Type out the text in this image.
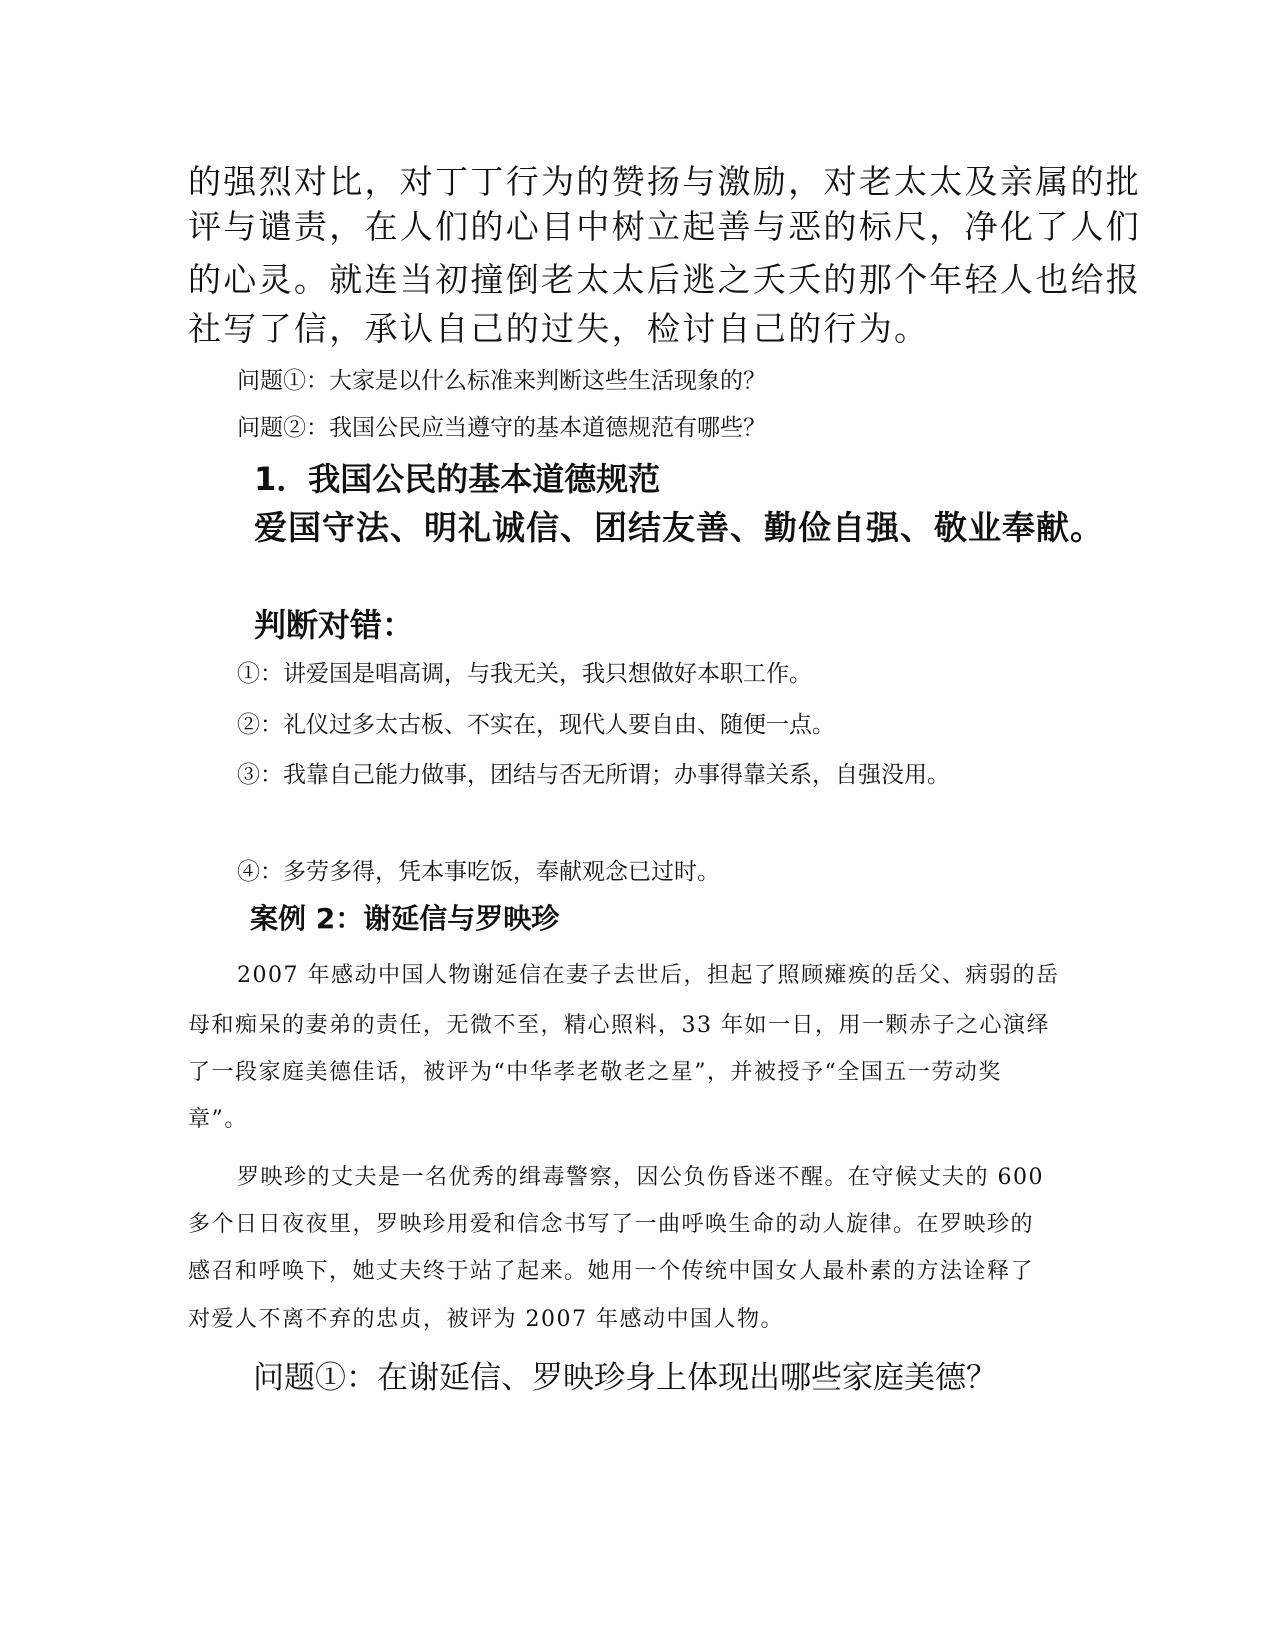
的强烈对比，对丁丁行为的赞扬与激励，对老太太及亲属的批
评与谴责，在人们的心目中树立起善与恶的标尺，净化了人们
的心灵。就连当初撞倒老太太后逃之夭夭的那个年轻人也给报
社写了信，承认自己的过失，检讨自己的行为。
问题①：大家是以什么标准来判断这些生活现象的？
问题②：我国公民应当遵守的基本道德规范有哪些？
1．我国公民的基本道德规范
爱国守法、明礼诚信、团结友善、勤俭自强、敬业奉献。
判断对错：
①：讲爱国是唱高调，与我无关，我只想做好本职工作。
②：礼仪过多太古板、不实在，现代人要自由、随便一点。
③：我靠自己能力做事，团结与否无所谓；办事得靠关系，自强没用。
④：多劳多得，凭本事吃饭，奉献观念已过时。
案例 2：谢延信与罗映珍
2007 年感动中国人物谢延信在妻子去世后，担起了照顾瘫痪的岳父、病弱的岳
母和痴呆的妻弟的责任，无微不至，精心照料，33 年如一日，用一颗赤子之心演绎
了一段家庭美德佳话，被评为“中华孝老敬老之星”，并被授予“全国五一劳动奖
章”。
罗映珍的丈夫是一名优秀的缉毒警察，因公负伤昏迷不醒。在守候丈夫的 600
多个日日夜夜里，罗映珍用爱和信念书写了一曲呼唤生命的动人旋律。在罗映珍的
感召和呼唤下，她丈夫终于站了起来。她用一个传统中国女人最朴素的方法诠释了
对爱人不离不弃的忠贞，被评为 2007 年感动中国人物。
问题①：在谢延信、罗映珍身上体现出哪些家庭美德？
